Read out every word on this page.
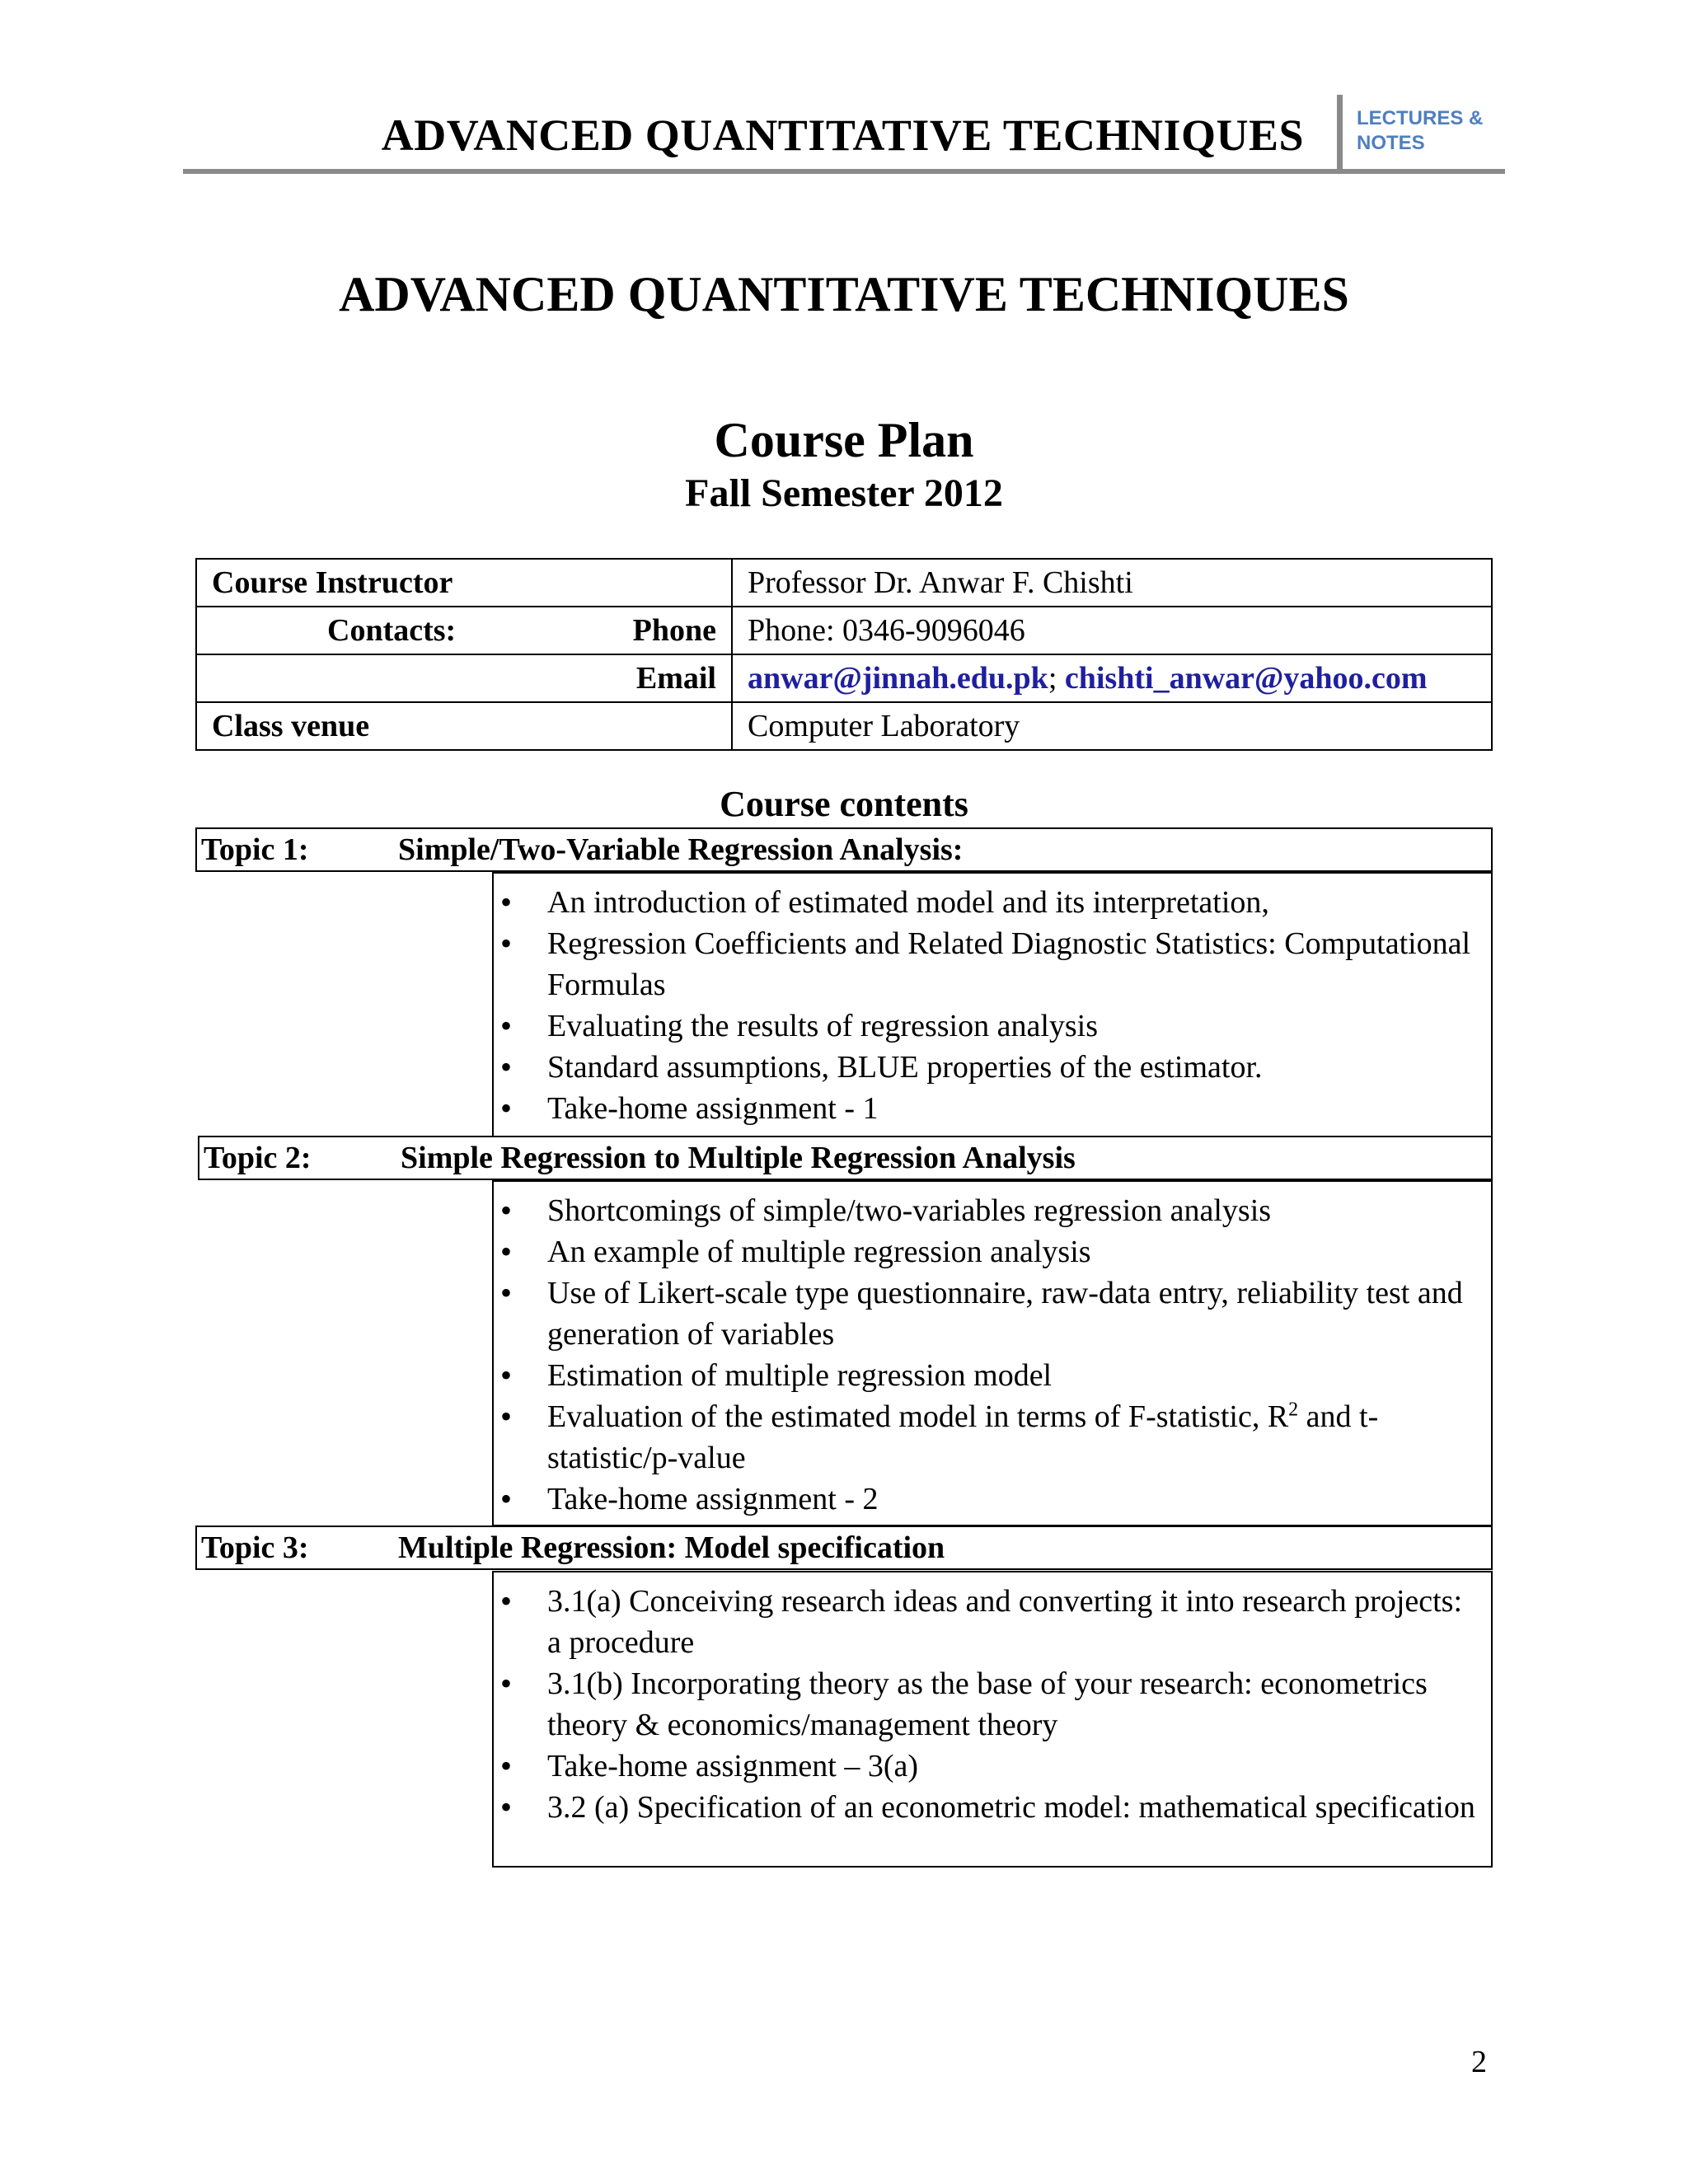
ADVANCED QUANTITATIVE TECHNIQUES	LECTURES &
NOTES
ADVANCED QUANTITATIVE TECHNIQUES
Course Plan
Fall Semester 2012
Course Instructor	Professor Dr. Anwar F. Chishti

Contacts: Phone	Phone: 0346-9096046
Email	anwar@jinnah.edu.pk; chishti_anwar@yahoo.com
Class venue	Computer Laboratory
Course contents
Topic 1:	Simple/Two-Variable Regression Analysis:
• An introduction of estimated model and its interpretation,
• Regression Coefficients and Related Diagnostic Statistics: Computational Formulas
• Evaluating the results of regression analysis
• Standard assumptions, BLUE properties of the estimator.
• Take-home assignment - 1
Topic 2:	Simple Regression to Multiple Regression Analysis
• Shortcomings of simple/two-variables regression analysis
• An example of multiple regression analysis
• Use of Likert-scale type questionnaire, raw-data entry, reliability test and generation of variables
• Estimation of multiple regression model
• Evaluation of the estimated model in terms of F-statistic, $R^2$ and t-statistic/p-value
• Take-home assignment - 2
Topic 3:	Multiple Regression: Model specification
• 3.1(a) Conceiving research ideas and converting it into research projects: a procedure
• 3.1(b) Incorporating theory as the base of your research: econometrics theory & economics/management theory
• Take-home assignment – 3(a)
• 3.2 (a) Specification of an econometric model: mathematical specification
2
